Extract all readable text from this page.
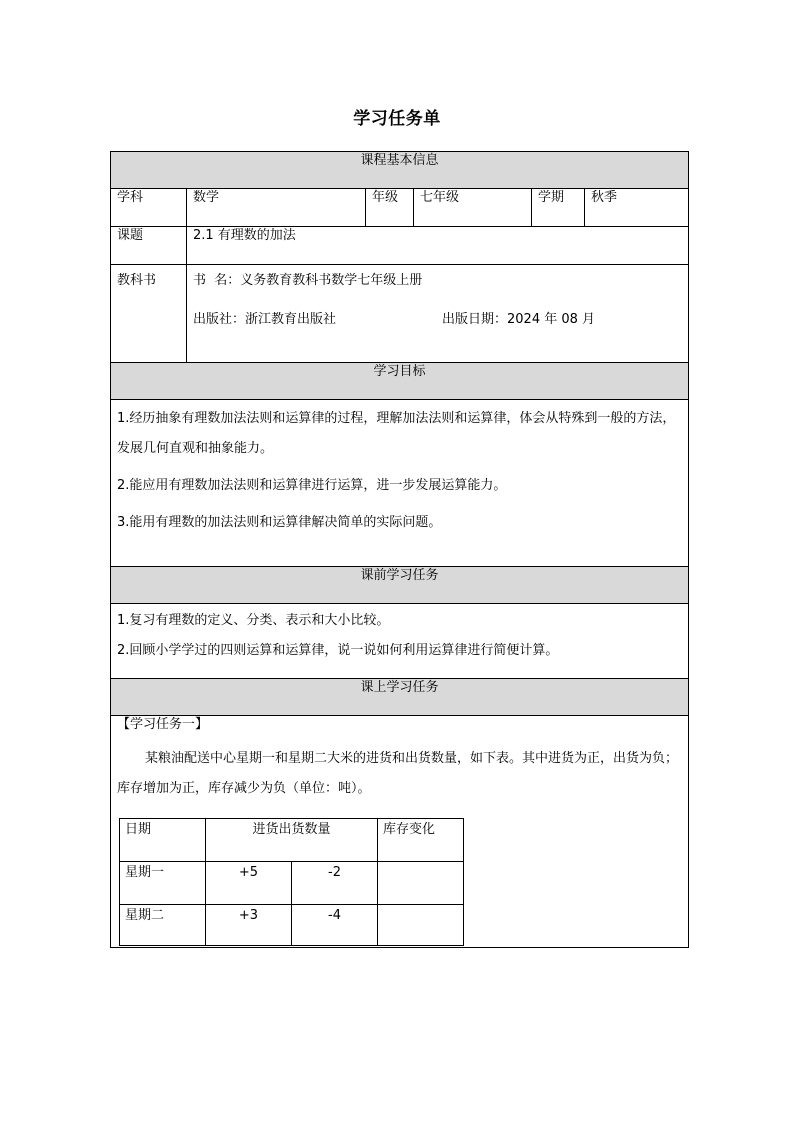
学习任务单
课程基本信息
学科	数学	年级	七年级	学期	秋季
课题	2.1 有理数的加法
教科书	书  名：义务教育教科书数学七年级上册

出版社：浙江教育出版社	出版日期：2024 年 08 月

学习目标

1.经历抽象有理数加法法则和运算律的过程，理解加法法则和运算律，体会从特殊到一般的方法，发展几何直观和抽象能力。

2.能应用有理数加法法则和运算律进行运算，进一步发展运算能力。

3.能用有理数的加法法则和运算律解决简单的实际问题。

课前学习任务

1.复习有理数的定义、分类、表示和大小比较。

2.回顾小学学过的四则运算和运算律，说一说如何利用运算律进行简便计算。

课上学习任务

【学习任务一】

某粮油配送中心星期一和星期二大米的进货和出货数量，如下表。其中进货为正，出货为负；库存增加为正，库存减少为负（单位：吨）。

日期	进货出货数量	库存变化
星期一	+5	-2	
星期二	+3	-4	
